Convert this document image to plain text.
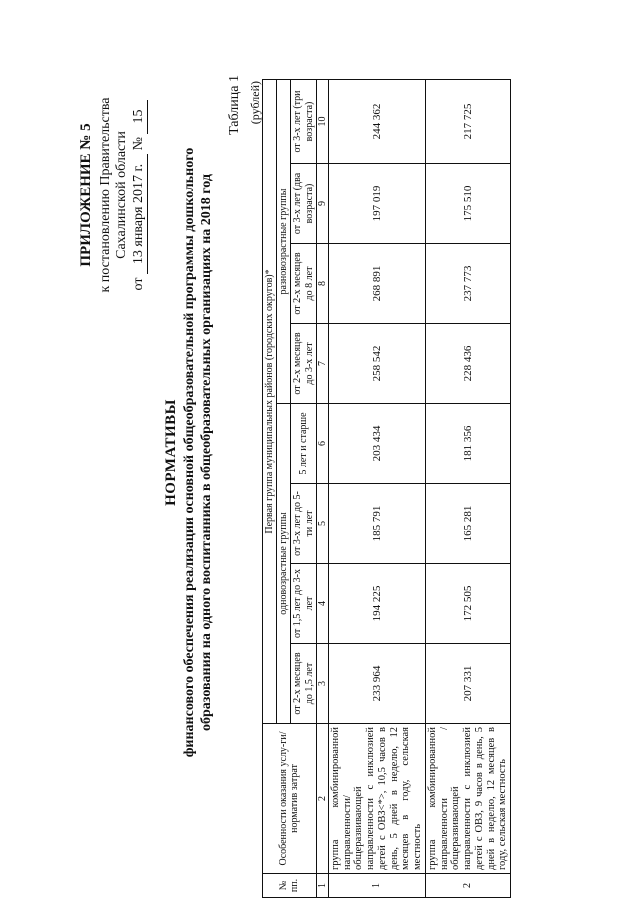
ПРИЛОЖЕНИЕ № 5 к постановлению Правительства Сахалинской области
от 13 января 2017 г. № 15
НОРМАТИВЫ финансового обеспечения реализации основной общеобразовательной программы дошкольного образования на одного воспитанника в общеобразовательных организациях на 2018 год
Таблица 1 (рублей)
№ пп.	Особенности оказания услу-ги/норматив затрат	Первая группа муниципальных районов (городских округов)*							
		одновозрастные группы				разновозрастные группы			
		от 2-х месяцев до 1,5 лет	от 1,5 лет до 3-х лет	от 3-х лет до 5-ти лет	5 лет и старше	от 2-х месяцев до 3-х лет	от 2-х месяцев до 8 лет	от 3-х лет (два возраста)	от 3-х лет (три возраста)
1	2	3	4	5	6	7	8	9	10
1	группа комбинированной направленности/ общеразвивающей направленности с инклюзией детей с ОВЗ<*>, 10,5 часов в день, 5 дней в неделю, 12 месяцев в году, сельская местность	233 964	194 225	185 791	203 434	258 542	268 891	197 019	244 362
2	группа комбинированной направленности / общеразвивающей направленности с инклюзией детей с ОВЗ, 9 часов в день, 5 дней в неделю, 12 месяцев в году, сельская местность	207 331	172 505	165 281	181 356	228 436	237 773	175 510	217 725
